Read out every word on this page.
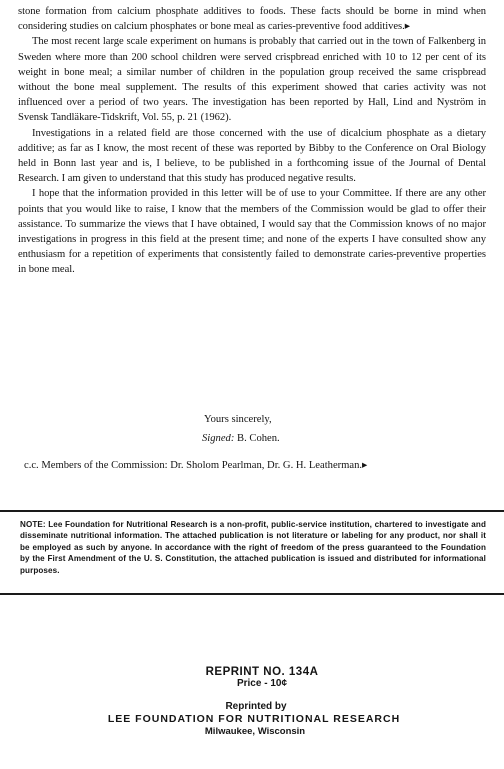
stone formation from calcium phosphate additives to foods. These facts should be borne in mind when considering studies on calcium phosphates or bone meal as caries-preventive food additives.▸

The most recent large scale experiment on humans is probably that carried out in the town of Falkenberg in Sweden where more than 200 school children were served crispbread enriched with 10 to 12 per cent of its weight in bone meal; a similar number of children in the population group received the same crispbread without the bone meal supplement. The results of this experiment showed that caries activity was not influenced over a period of two years. The investigation has been reported by Hall, Lind and Nyström in Svensk Tandläkare-Tidskrift, Vol. 55, p. 21 (1962).

Investigations in a related field are those concerned with the use of dicalcium phosphate as a dietary additive; as far as I know, the most recent of these was reported by Bibby to the Conference on Oral Biology held in Bonn last year and is, I believe, to be published in a forthcoming issue of the Journal of Dental Research. I am given to understand that this study has produced negative results.

I hope that the information provided in this letter will be of use to your Committee. If there are any other points that you would like to raise, I know that the members of the Commission would be glad to offer their assistance. To summarize the views that I have obtained, I would say that the Commission knows of no major investigations in progress in this field at the present time; and none of the experts I have consulted show any enthusiasm for a repetition of experiments that consistently failed to demonstrate caries-preventive properties in bone meal.

Yours sincerely,
Signed: B. Cohen.
c.c. Members of the Commission: Dr. Sholom Pearlman, Dr. G. H. Leatherman.▸
NOTE: Lee Foundation for Nutritional Research is a non-profit, public-service institution, chartered to investigate and disseminate nutritional information. The attached publication is not literature or labeling for any product, nor shall it be employed as such by anyone. In accordance with the right of freedom of the press guaranteed to the Foundation by the First Amendment of the U. S. Constitution, the attached publication is issued and distributed for informational purposes.
REPRINT NO. 134A
Price - 10¢
Reprinted by
LEE FOUNDATION FOR NUTRITIONAL RESEARCH
Milwaukee, Wisconsin
